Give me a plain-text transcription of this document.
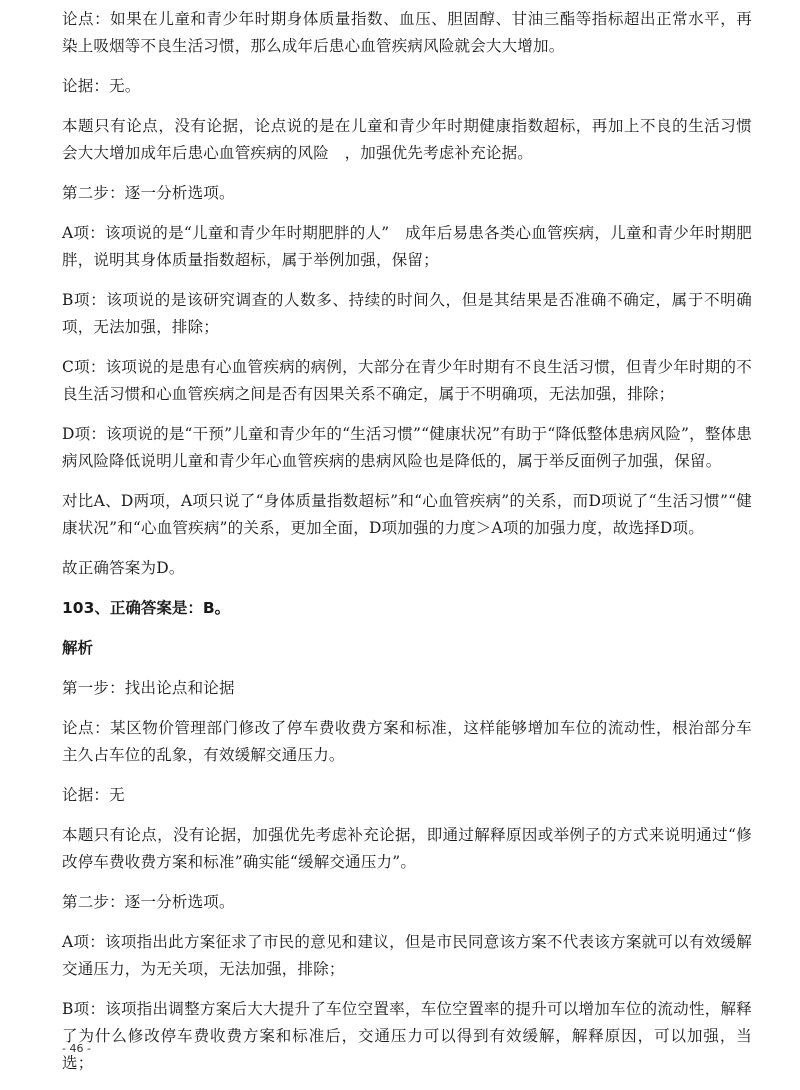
论点：如果在儿童和青少年时期身体质量指数、血压、胆固醇、甘油三酯等指标超出正常水平，再染上吸烟等不良生活习惯，那么成年后患心血管疾病风险就会大大增加。

论据：无。

本题只有论点，没有论据，论点说的是在儿童和青少年时期健康指数超标，再加上不良的生活习惯会大大增加成年后患心血管疾病的风险　，加强优先考虑补充论据。

第二步：逐一分析选项。

A项：该项说的是“儿童和青少年时期肥胖的人”　成年后易患各类心血管疾病，儿童和青少年时期肥胖，说明其身体质量指数超标，属于举例加强，保留；

B项：该项说的是该研究调查的人数多、持续的时间久，但是其结果是否准确不确定，属于不明确项，无法加强，排除；

C项：该项说的是患有心血管疾病的病例，大部分在青少年时期有不良生活习惯，但青少年时期的不良生活习惯和心血管疾病之间是否有因果关系不确定，属于不明确项，无法加强，排除；

D项：该项说的是“干预”儿童和青少年的“生活习惯”“健康状况”有助于“降低整体患病风险”，整体患病风险降低说明儿童和青少年心血管疾病的患病风险也是降低的，属于举反面例子加强，保留。

对比A、D两项，A项只说了“身体质量指数超标”和“心血管疾病”的关系，而D项说了“生活习惯”“健康状况”和“心血管疾病”的关系，更加全面，D项加强的力度＞A项的加强力度，故选择D项。

故正确答案为D。

103、正确答案是：B。

解析

第一步：找出论点和论据

论点：某区物价管理部门修改了停车费收费方案和标准，这样能够增加车位的流动性，根治部分车主久占车位的乱象，有效缓解交通压力。

论据：无

本题只有论点，没有论据，加强优先考虑补充论据，即通过解释原因或举例子的方式来说明通过“修改停车费收费方案和标准”确实能“缓解交通压力”。

第二步：逐一分析选项。

A项：该项指出此方案征求了市民的意见和建议，但是市民同意该方案不代表该方案就可以有效缓解交通压力，为无关项，无法加强，排除；

B项：该项指出调整方案后大大提升了车位空置率，车位空置率的提升可以增加车位的流动性，解释了为什么修改停车费收费方案和标准后，交通压力可以得到有效缓解，解释原因，可以加强，当选；

- 46 -
